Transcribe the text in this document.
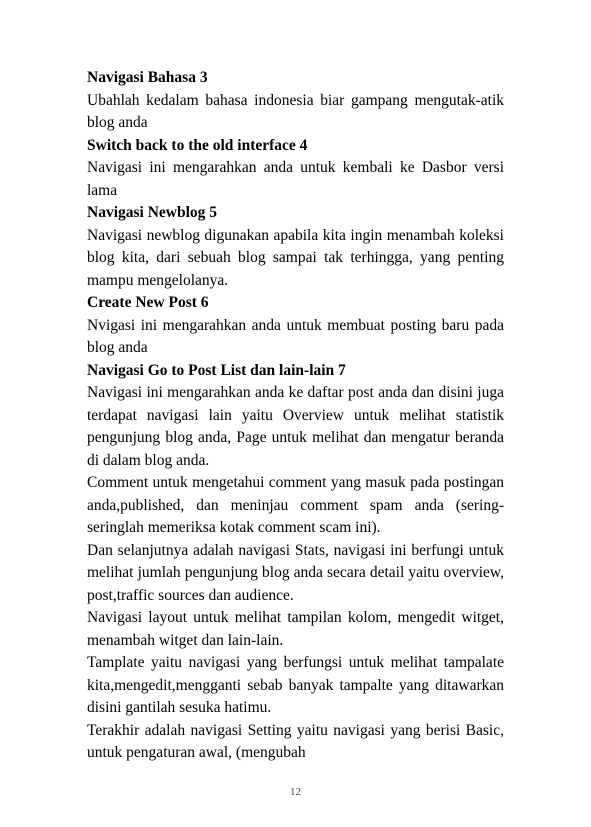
Navigasi Bahasa 3

Ubahlah kedalam bahasa indonesia biar gampang mengutak-atik blog anda

Switch back to the old interface 4

Navigasi ini mengarahkan anda untuk kembali ke Dasbor versi lama

Navigasi Newblog 5

Navigasi newblog digunakan apabila kita ingin menambah koleksi blog kita, dari sebuah blog sampai tak terhingga, yang penting mampu mengelolanya.

Create New Post 6

Nvigasi ini mengarahkan anda untuk membuat posting baru pada blog anda

Navigasi Go to Post List dan lain-lain 7

Navigasi ini mengarahkan anda ke daftar post anda dan disini juga terdapat navigasi lain yaitu Overview untuk melihat statistik pengunjung blog anda, Page untuk melihat dan mengatur beranda di dalam blog anda.

Comment untuk mengetahui comment yang masuk pada postingan anda,published, dan meninjau comment spam anda (sering-seringlah memeriksa kotak comment scam ini).

Dan selanjutnya adalah navigasi Stats, navigasi ini berfungi untuk melihat jumlah pengunjung blog anda secara detail yaitu overview, post,traffic sources dan audience.

Navigasi layout untuk melihat tampilan kolom, mengedit witget, menambah witget dan lain-lain.

Tamplate yaitu navigasi yang berfungsi untuk melihat tampalate kita,mengedit,mengganti sebab banyak tampalte yang ditawarkan disini gantilah sesuka hatimu.

Terakhir adalah navigasi Setting yaitu navigasi yang berisi Basic, untuk pengaturan awal, (mengubah

12
